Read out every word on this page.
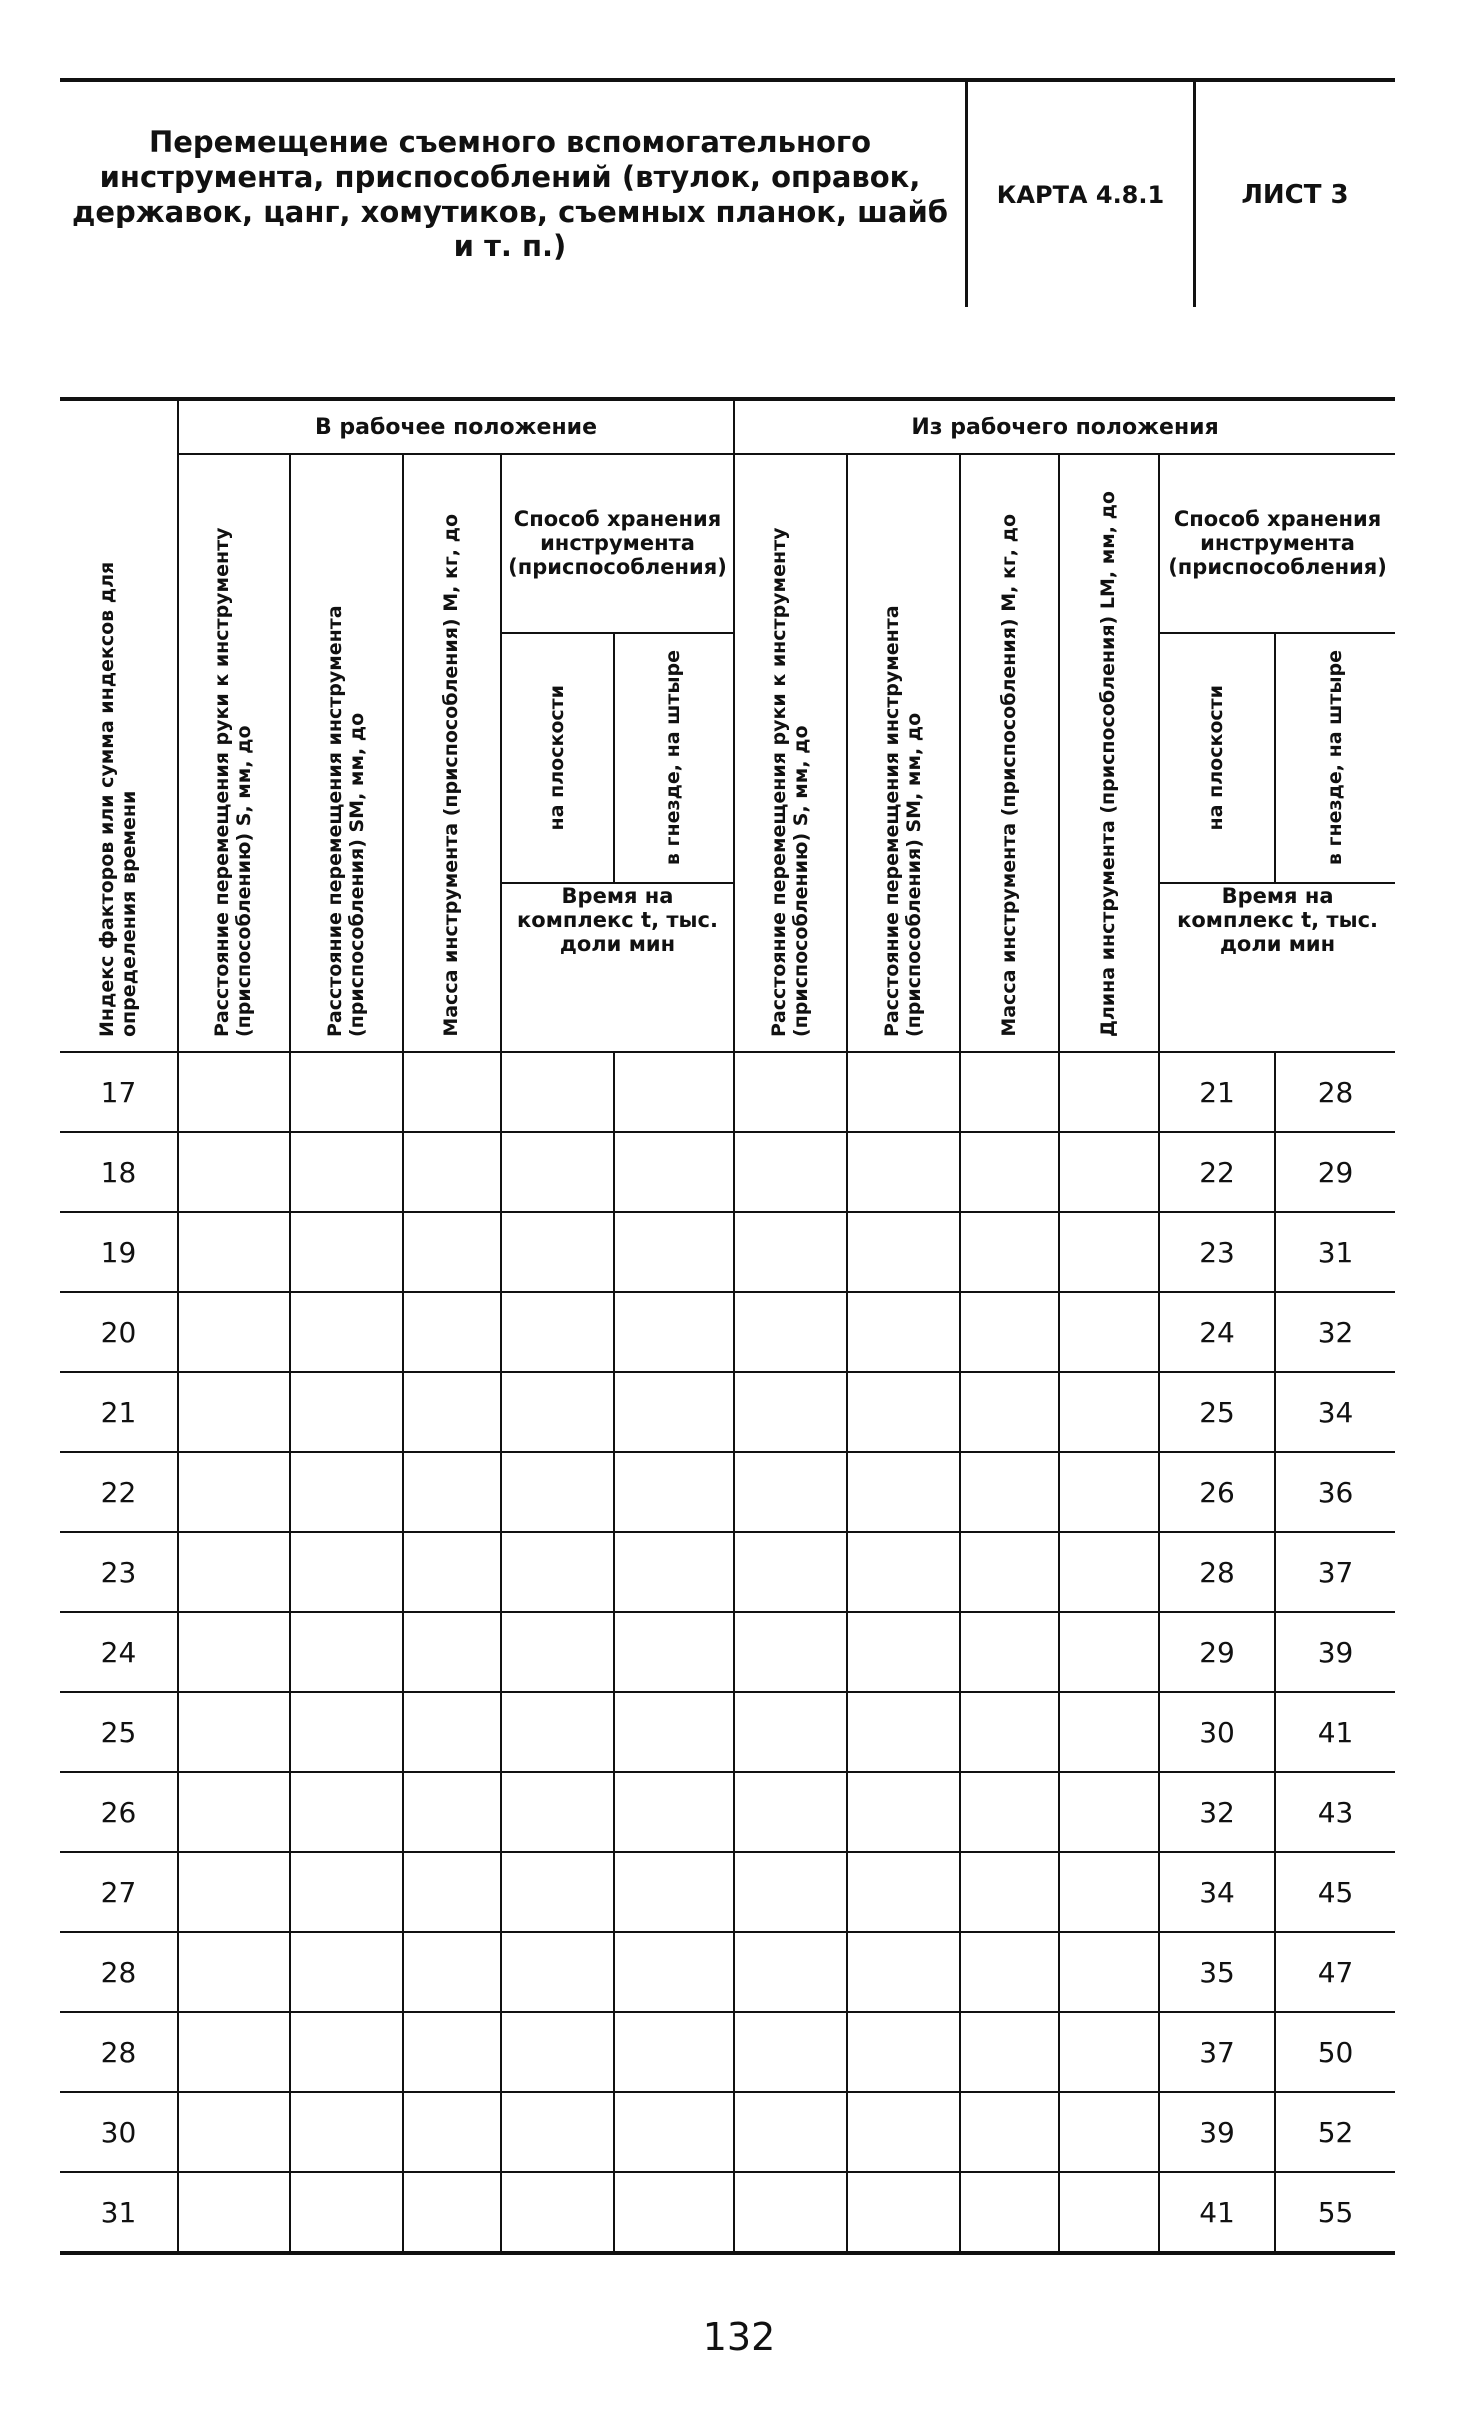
Перемещение съемного вспомогательного инструмента, приспособлений (втулок, оправок, державок, цанг, хомутиков, съемных планок, шайб и т. п.)
КАРТА 4.8.1	ЛИСТ 3
Индекс факторов или сумма индексов для определения времени	В рабочее положение					Из рабочего положения					

	Расстояние перемещения руки к инструменту (приспособлению) S, мм, до	Расстояние перемещения инструмента (приспособления) SM, мм, до	Масса инструмента (приспособления) М, кг, до	Способ хранения инструмента (приспособления)		Расстояние перемещения руки к инструменту (приспособлению) S, мм, до	Расстояние перемещения инструмента (приспособления) SM, мм, до	Масса инструмента (приспособления) М, кг, до	Длина инструмента (приспособления) LM, мм, до	Способ хранения инструмента (приспособления)	

				на плоскости	в гнезде, на штыре					на плоскости	в гнезде, на штыре

				Время на комплекс t, тыс. доли мин						Время на комплекс t, тыс. доли мин	
17										21	28
18										22	29
19										23	31
20										24	32
21										25	34
22										26	36
23										28	37
24										29	39
25										30	41
26										32	43
27										34	45
28										35	47
28										37	50
30										39	52
31										41	55
132
